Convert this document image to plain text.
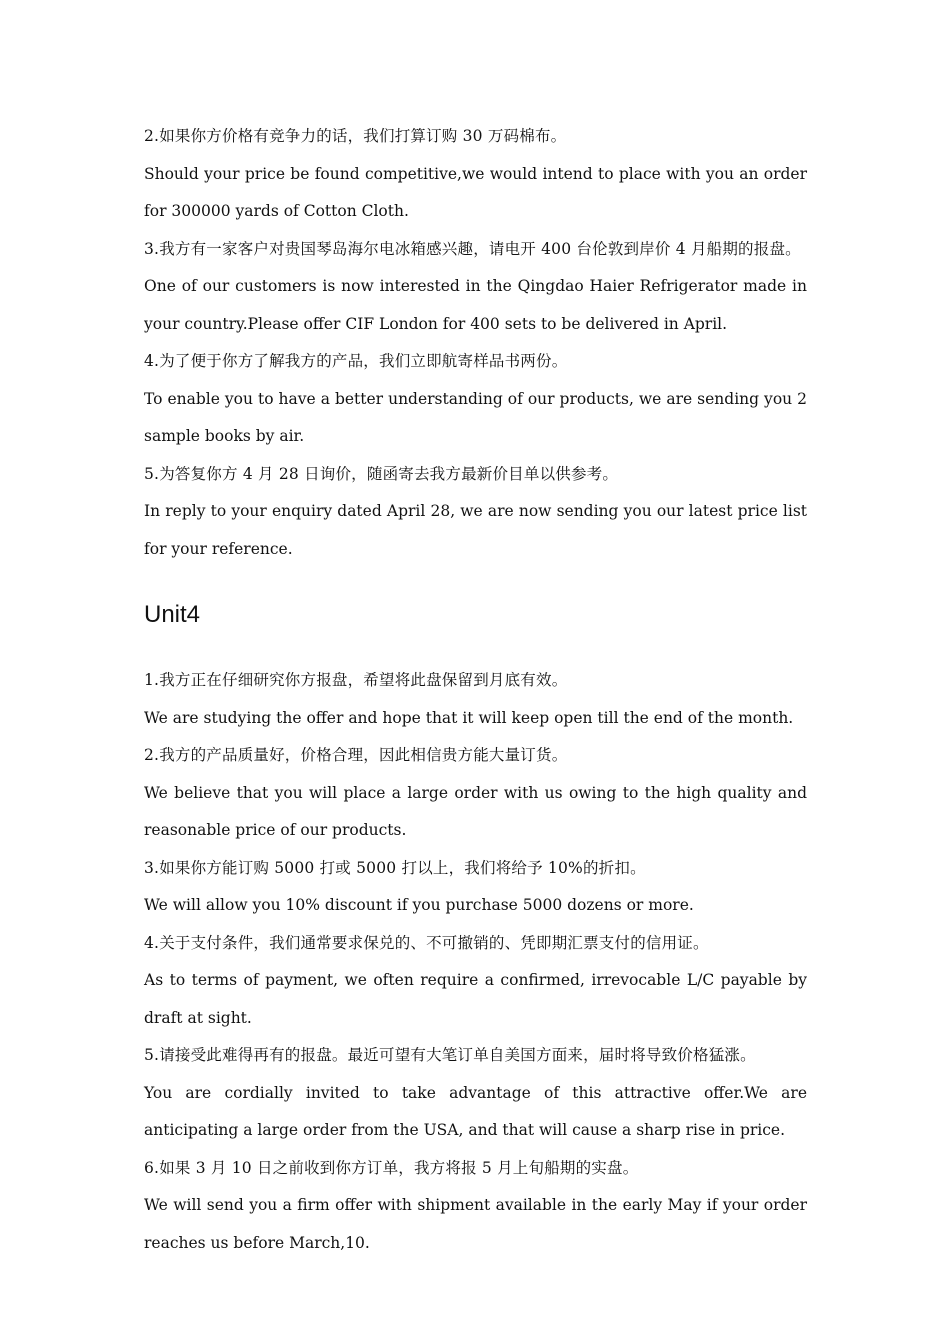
2.如果你方价格有竞争力的话，我们打算订购 30 万码棉布。

Should your price be found competitive,we would intend to place with you an order for 300000 yards of Cotton Cloth.

3.我方有一家客户对贵国琴岛海尔电冰箱感兴趣，请电开 400 台伦敦到岸价 4 月船期的报盘。

One of our customers is now interested in the Qingdao Haier Refrigerator made in your country.Please offer CIF London for 400 sets to be delivered in April.

4.为了便于你方了解我方的产品，我们立即航寄样品书两份。

To enable you to have a better understanding of our products, we are sending you 2 sample books by air.

5.为答复你方 4 月 28 日询价，随函寄去我方最新价目单以供参考。

In reply to your enquiry dated April 28, we are now sending you our latest price list for your reference.

Unit4

1.我方正在仔细研究你方报盘，希望将此盘保留到月底有效。

We are studying the offer and hope that it will keep open till the end of the month.

2.我方的产品质量好，价格合理，因此相信贵方能大量订货。

We believe that you will place a large order with us owing to the high quality and reasonable price of our products.

3.如果你方能订购 5000 打或 5000 打以上，我们将给予 10%的折扣。

We will allow you 10% discount if you purchase 5000 dozens or more.

4.关于支付条件，我们通常要求保兑的、不可撤销的、凭即期汇票支付的信用证。

As to terms of payment, we often require a confirmed, irrevocable L/C payable by draft at sight.

5.请接受此难得再有的报盘。最近可望有大笔订单自美国方面来，届时将导致价格猛涨。

You are cordially invited to take advantage of this attractive offer.We are anticipating a large order from the USA, and that will cause a sharp rise in price.

6.如果 3 月 10 日之前收到你方订单，我方将报 5 月上旬船期的实盘。

We will send you a firm offer with shipment available in the early May if your order reaches us before March,10.
